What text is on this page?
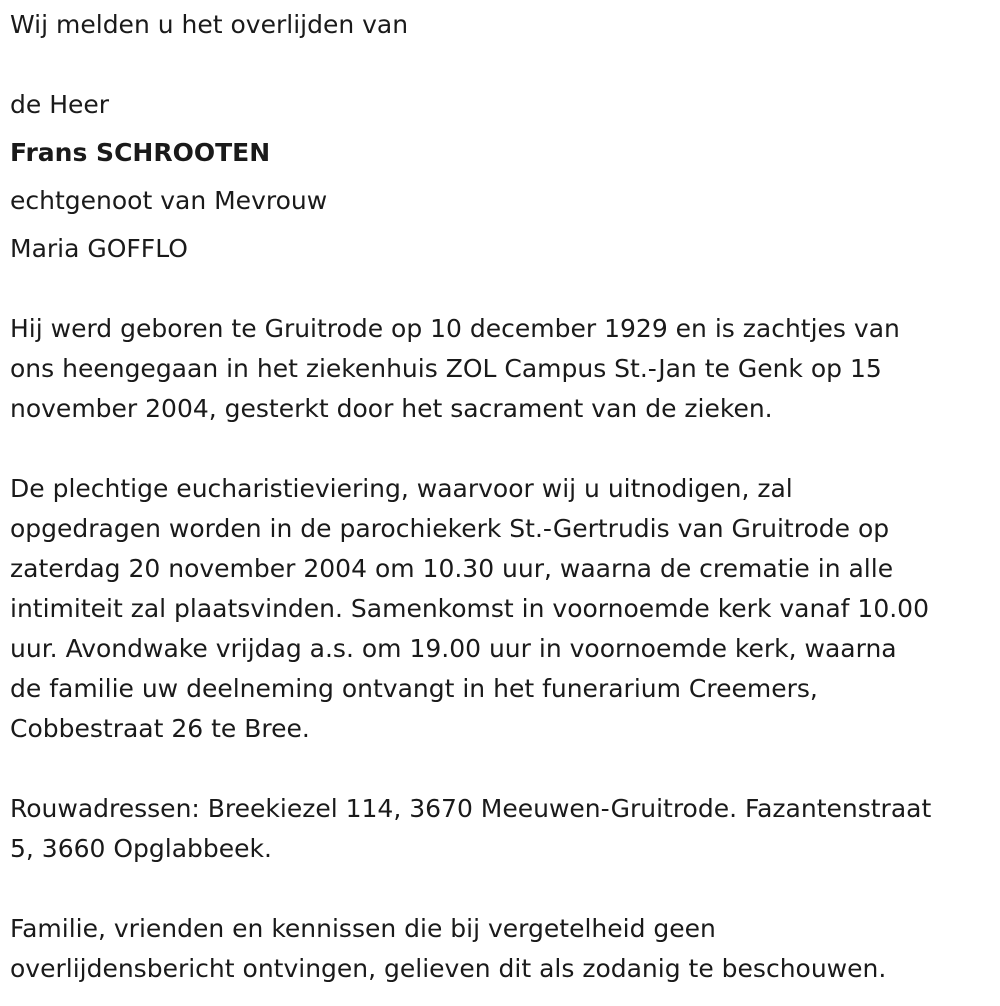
Wij melden u het overlijden van
de Heer
Frans SCHROOTEN
echtgenoot van Mevrouw
Maria GOFFLO
Hij werd geboren te Gruitrode op 10 december 1929 en is zachtjes van
ons heengegaan in het ziekenhuis ZOL Campus St.-Jan te Genk op 15
november 2004, gesterkt door het sacrament van de zieken.
De plechtige eucharistieviering, waarvoor wij u uitnodigen, zal
opgedragen worden in de parochiekerk St.-Gertrudis van Gruitrode op
zaterdag 20 november 2004 om 10.30 uur, waarna de crematie in alle
intimiteit zal plaatsvinden. Samenkomst in voornoemde kerk vanaf 10.00
uur. Avondwake vrijdag a.s. om 19.00 uur in voornoemde kerk, waarna
de familie uw deelneming ontvangt in het funerarium Creemers,
Cobbestraat 26 te Bree.
Rouwadressen: Breekiezel 114, 3670 Meeuwen-Gruitrode. Fazantenstraat
5, 3660 Opglabbeek.
Familie, vrienden en kennissen die bij vergetelheid geen
overlijdensbericht ontvingen, gelieven dit als zodanig te beschouwen.
